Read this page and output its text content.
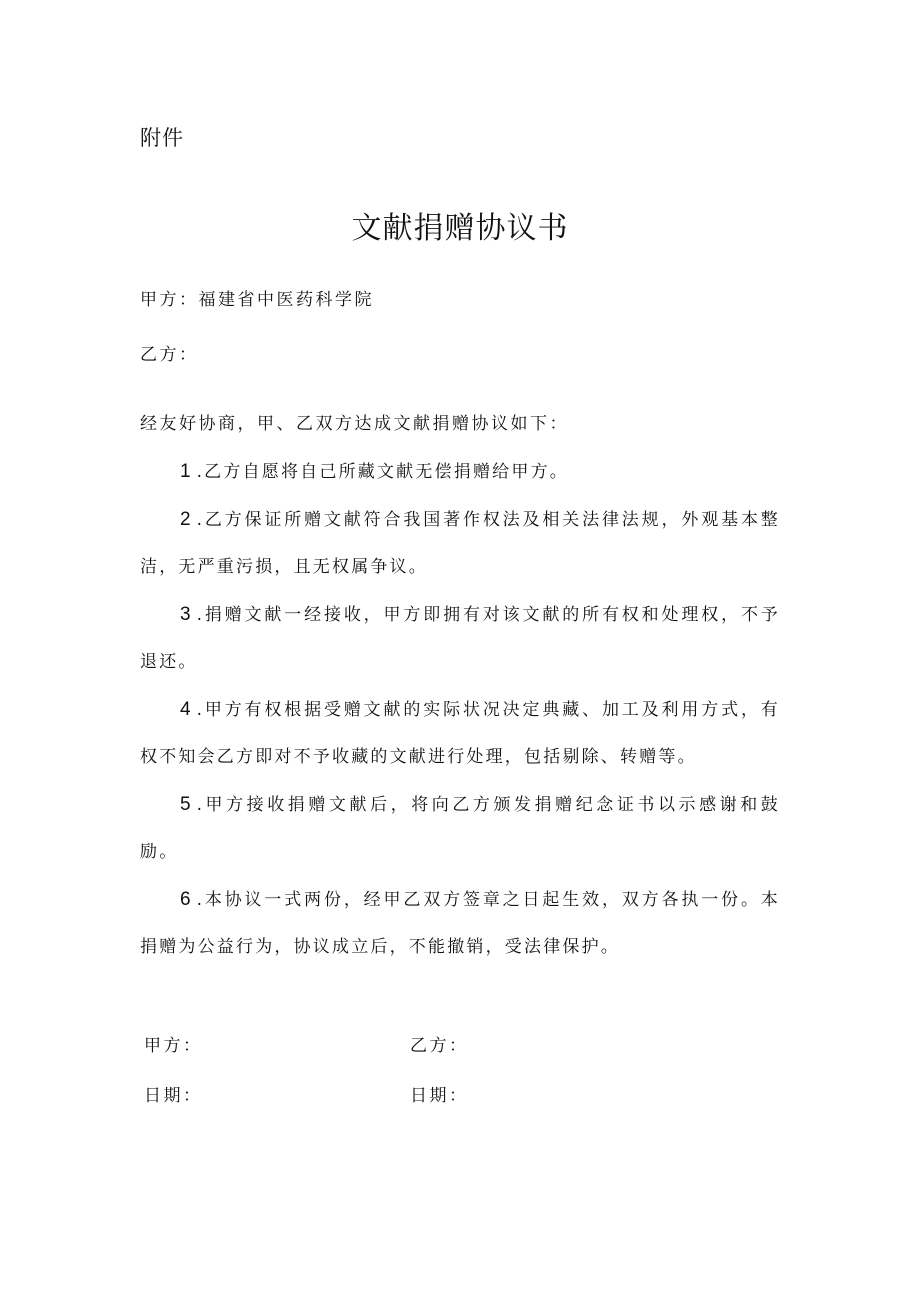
附件
文献捐赠协议书
甲方：福建省中医药科学院
乙方：
经友好协商，甲、乙双方达成文献捐赠协议如下：
1 .乙方自愿将自己所藏文献无偿捐赠给甲方。
2 .乙方保证所赠文献符合我国著作权法及相关法律法规，外观基本整洁，无严重污损，且无权属争议。
3 .捐赠文献一经接收，甲方即拥有对该文献的所有权和处理权，不予退还。
4 .甲方有权根据受赠文献的实际状况决定典藏、加工及利用方式，有权不知会乙方即对不予收藏的文献进行处理，包括剔除、转赠等。
5 .甲方接收捐赠文献后，将向乙方颁发捐赠纪念证书以示感谢和鼓励。
6 .本协议一式两份，经甲乙双方签章之日起生效，双方各执一份。本捐赠为公益行为，协议成立后，不能撤销，受法律保护。
甲方：	乙方：
日期：	日期：
